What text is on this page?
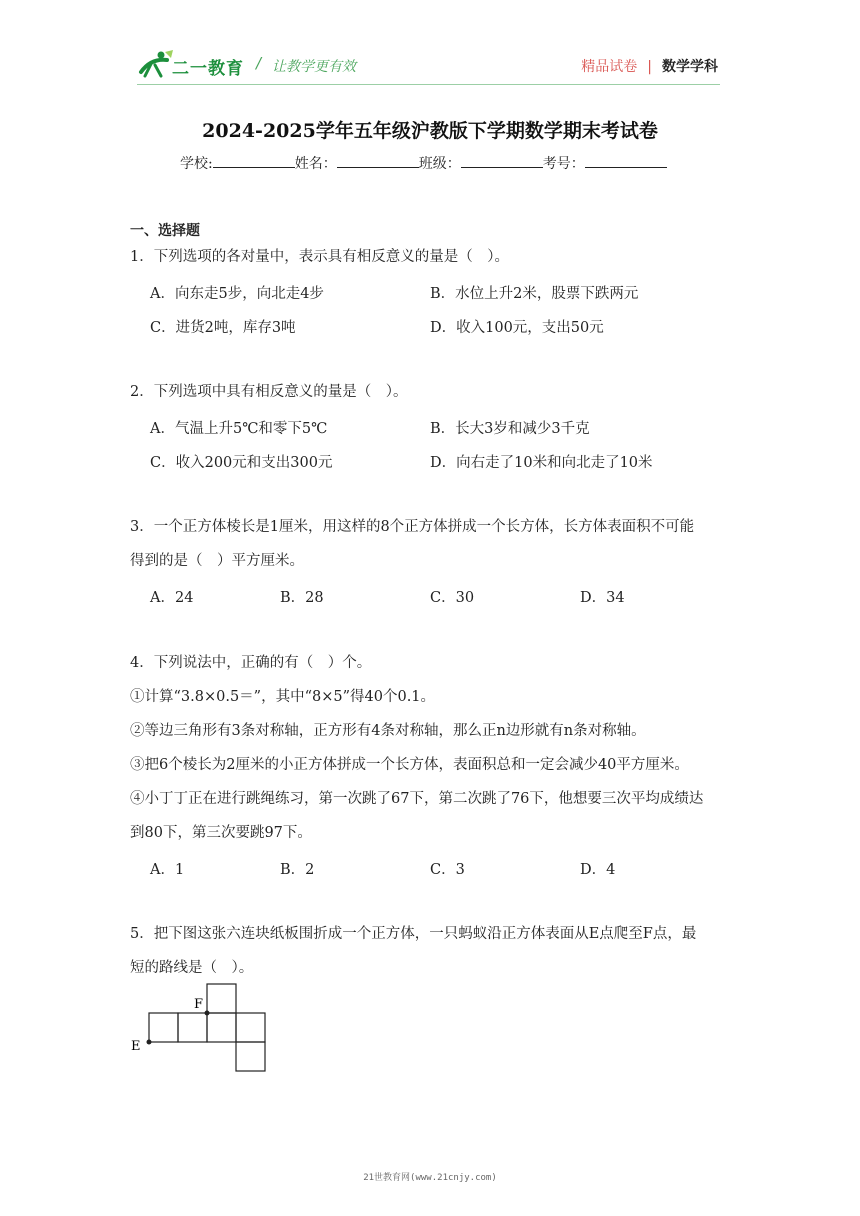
二一教育 / 让教学更有效	精品试卷 | 数学学科
2024-2025学年五年级沪教版下学期数学期末考试卷
学校:	姓名：	班级：	考号：
一、选择题
1．下列选项的各对量中，表示具有相反意义的量是（　）。
A．向东走5步，向北走4步	B．水位上升2米，股票下跌两元
C．进货2吨，库存3吨	D．收入100元，支出50元
2．下列选项中具有相反意义的量是（　）。
A．气温上升5℃和零下5℃	B．长大3岁和减少3千克
C．收入200元和支出300元	D．向右走了10米和向北走了10米
3．一个正方体棱长是1厘米，用这样的8个正方体拼成一个长方体，长方体表面积不可能
得到的是（　）平方厘米。
A．24	B．28	C．30	D．34
4．下列说法中，正确的有（　）个。
①计算“3.8×0.5＝”，其中“8×5”得40个0.1。
②等边三角形有3条对称轴，正方形有4条对称轴，那么正n边形就有n条对称轴。
③把6个棱长为2厘米的小正方体拼成一个长方体，表面积总和一定会减少40平方厘米。
④小丁丁正在进行跳绳练习，第一次跳了67下，第二次跳了76下，他想要三次平均成绩达
到80下，第三次要跳97下。
A．1	B．2	C．3	D．4
5．把下图这张六连块纸板围折成一个正方体，一只蚂蚁沿正方体表面从E点爬至F点，最
短的路线是（　）。
E
F
21世教育网(www.21cnjy.com)
